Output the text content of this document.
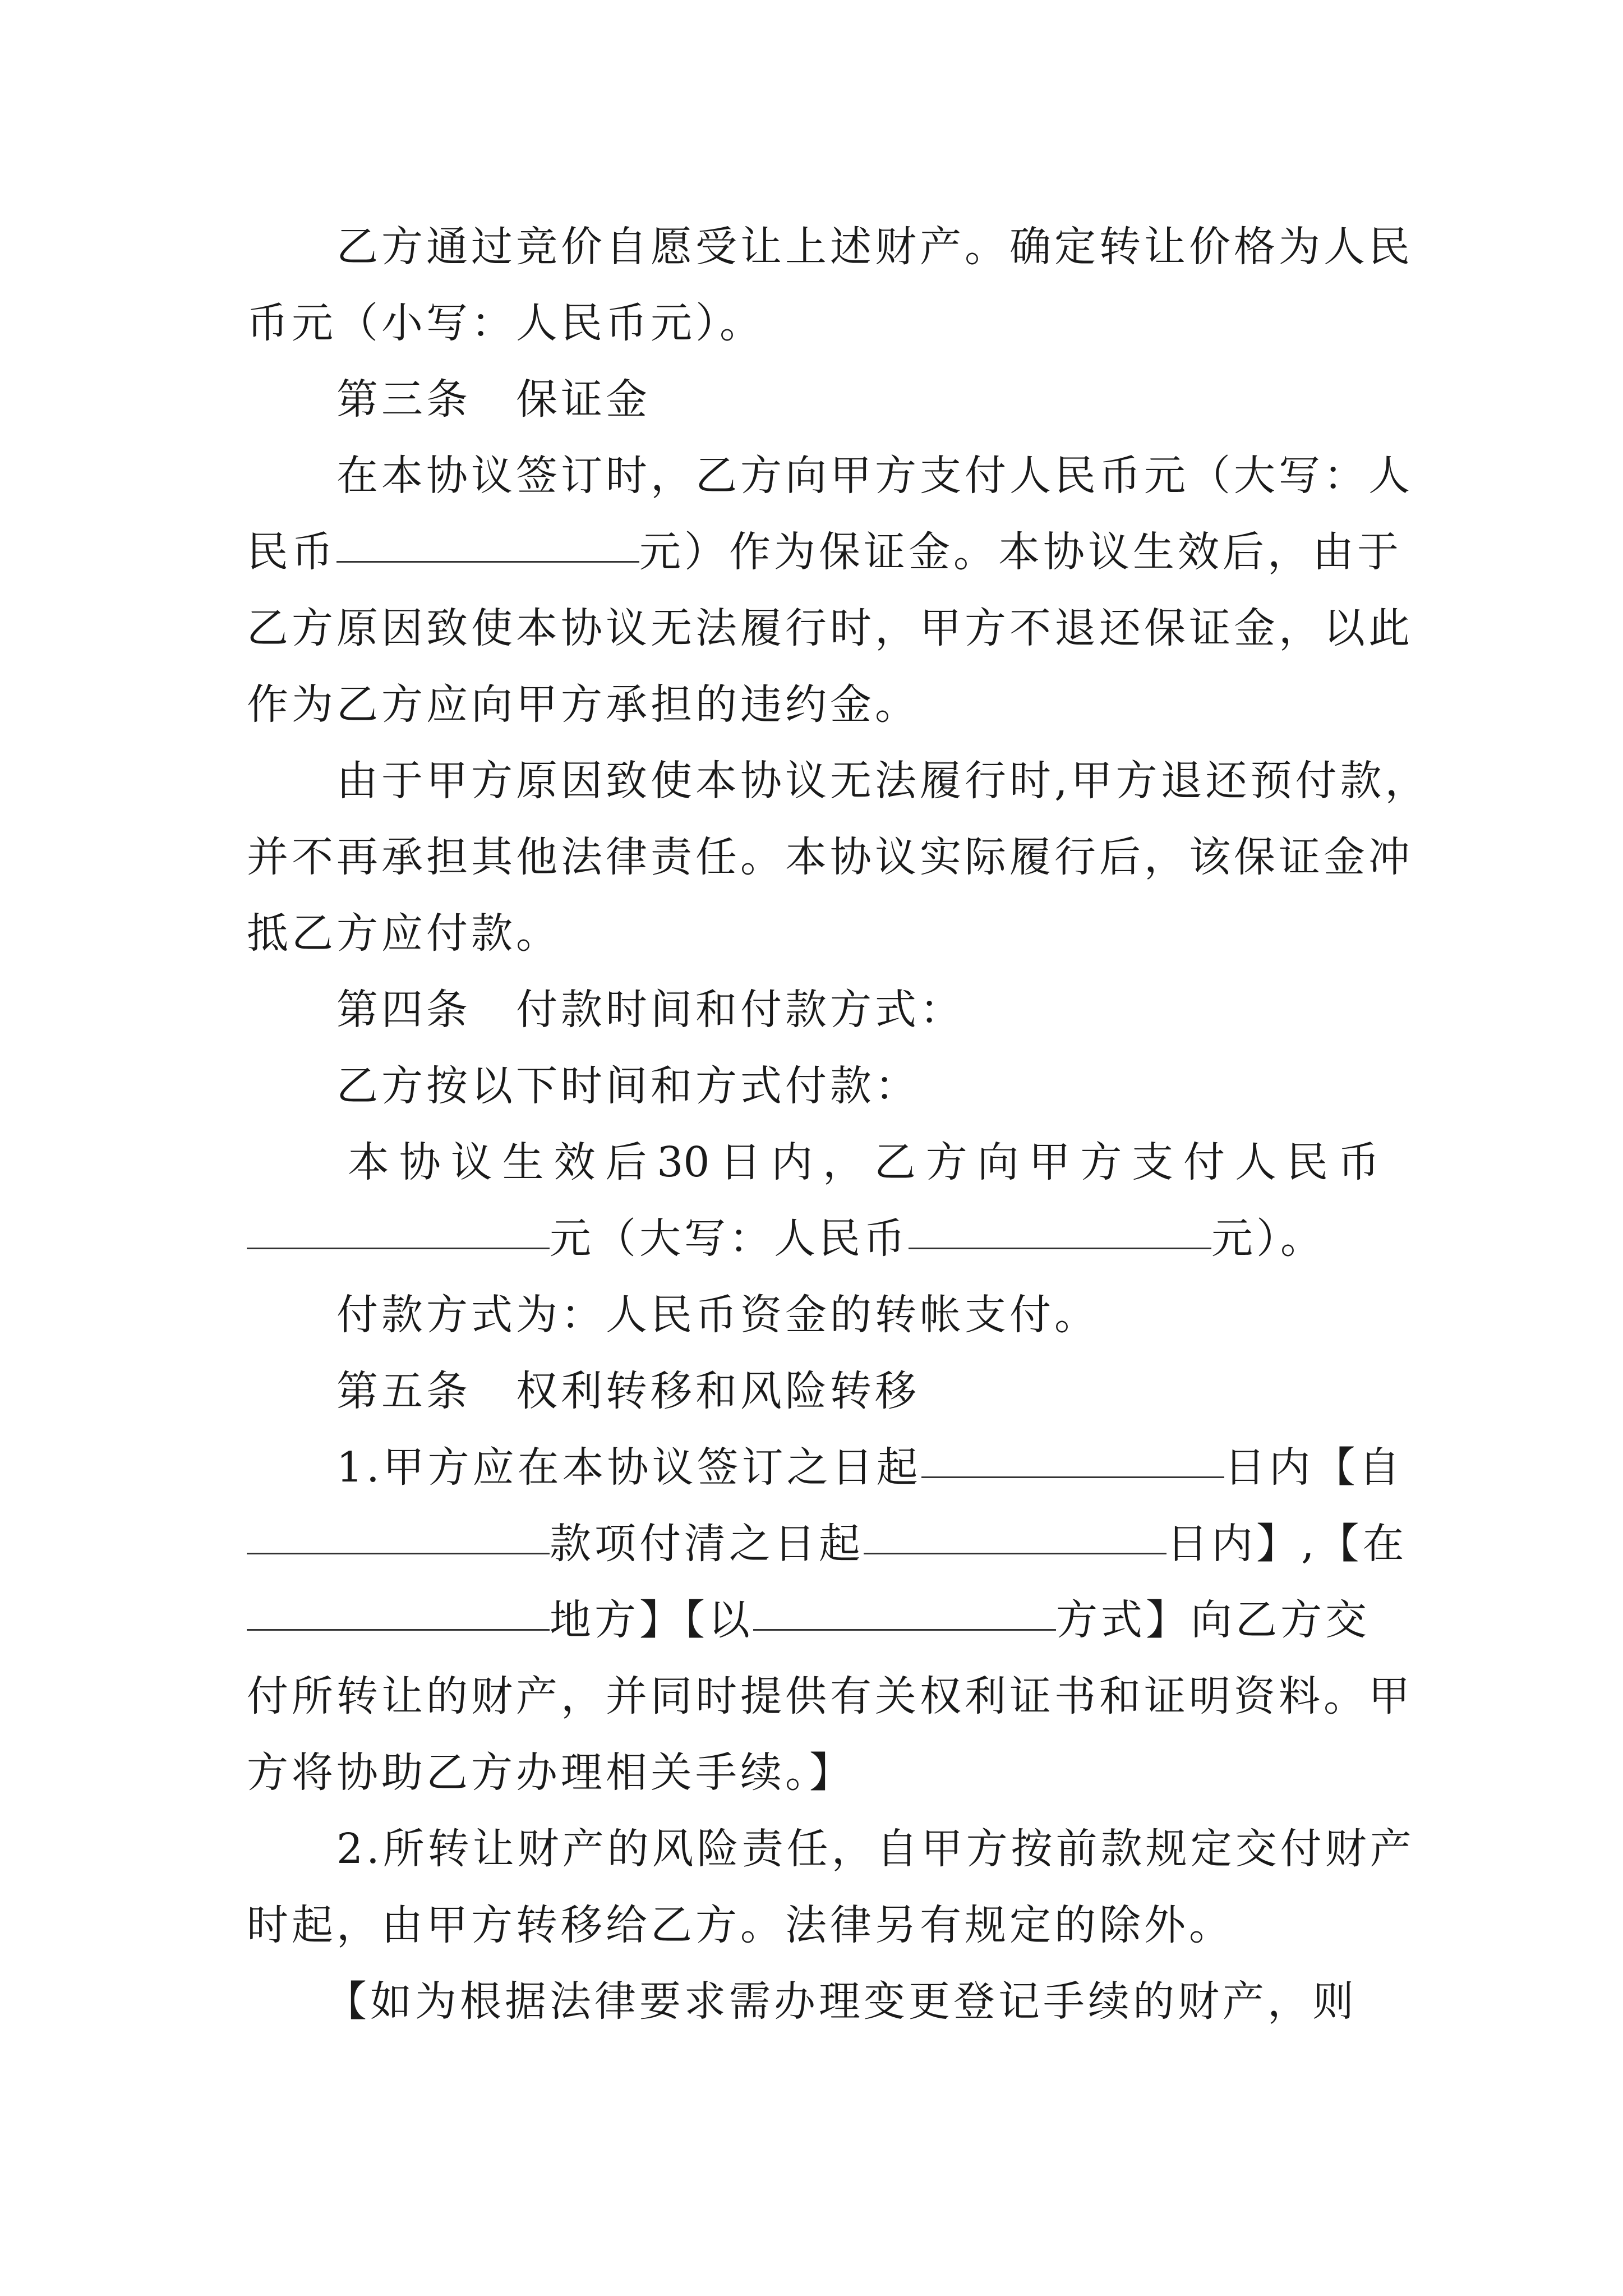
乙方通过竞价自愿受让上述财产。确定转让价格为人民
币元（小写：人民币元）。
第三条　保证金
在本协议签订时，乙方向甲方支付人民币元（大写：人
民币	元）作为保证金。本协议生效后，由于
乙方原因致使本协议无法履行时，甲方不退还保证金，以此
作为乙方应向甲方承担的违约金。
由于甲方原因致使本协议无法履行时,甲方退还预付款，
并不再承担其他法律责任。本协议实际履行后，该保证金冲
抵乙方应付款。
第四条　付款时间和付款方式：
乙方按以下时间和方式付款：
本 协 议 生 效 后 30 日 内 ， 乙 方 向 甲 方 支 付 人 民 币
元（大写：人民币	元）。
付款方式为：人民币资金的转帐支付。
第五条　权利转移和风险转移
1.甲方应在本协议签订之日起	日内【自
款项付清之日起	日内】,【在
地方】【以	方式】向乙方交
付所转让的财产，并同时提供有关权利证书和证明资料。甲
方将协助乙方办理相关手续。】
2.所转让财产的风险责任，自甲方按前款规定交付财产
时起，由甲方转移给乙方。法律另有规定的除外。
【如为根据法律要求需办理变更登记手续的财产，则
